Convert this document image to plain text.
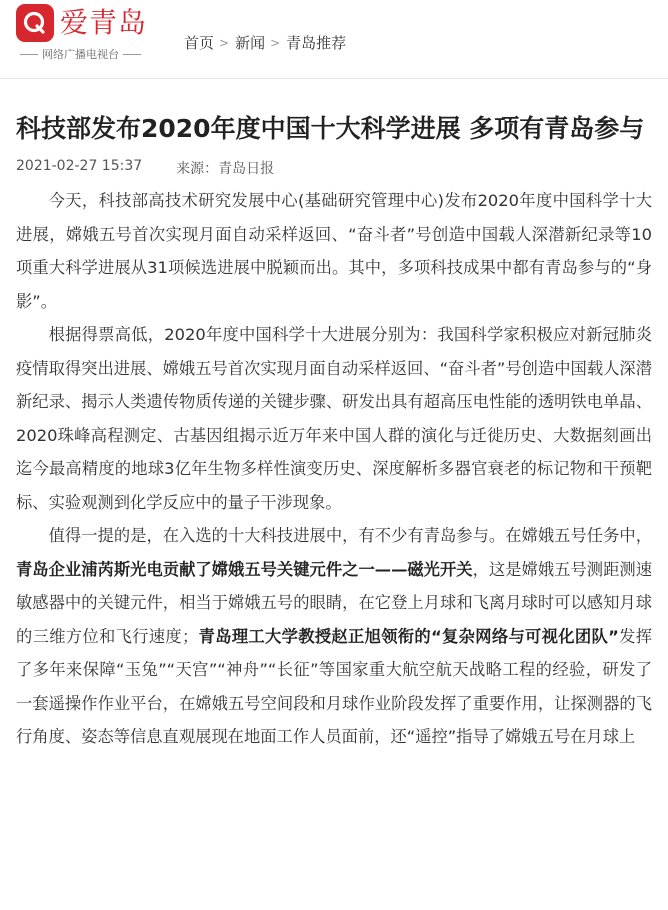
爱青岛
网络广播电视台
首页 > 新闻 > 青岛推荐
科技部发布2020年度中国十大科学进展 多项有青岛参与
2021-02-27 15:37 来源：青岛日报

今天，科技部高技术研究发展中心(基础研究管理中心)发布2020年度中国科学十大进展，嫦娥五号首次实现月面自动采样返回、“奋斗者”号创造中国载人深潜新纪录等10项重大科学进展从31项候选进展中脱颖而出。其中，多项科技成果中都有青岛参与的“身影”。

根据得票高低，2020年度中国科学十大进展分别为：我国科学家积极应对新冠肺炎疫情取得突出进展、嫦娥五号首次实现月面自动采样返回、“奋斗者”号创造中国载人深潜新纪录、揭示人类遗传物质传递的关键步骤、研发出具有超高压电性能的透明铁电单晶、2020珠峰高程测定、古基因组揭示近万年来中国人群的演化与迁徙历史、大数据刻画出迄今最高精度的地球3亿年生物多样性演变历史、深度解析多器官衰老的标记物和干预靶标、实验观测到化学反应中的量子干涉现象。

值得一提的是，在入选的十大科技进展中，有不少有青岛参与。在嫦娥五号任务中，青岛企业浦芮斯光电贡献了嫦娥五号关键元件之一——磁光开关，这是嫦娥五号测距测速敏感器中的关键元件，相当于嫦娥五号的眼睛，在它登上月球和飞离月球时可以感知月球的三维方位和飞行速度；青岛理工大学教授赵正旭领衔的“复杂网络与可视化团队”发挥了多年来保障“玉兔”“天宫”“神舟”“长征”等国家重大航空航天战略工程的经验，研发了一套遥操作作业平台，在嫦娥五号空间段和月球作业阶段发挥了重要作用，让探测器的飞行角度、姿态等信息直观展现在地面工作人员面前，还“遥控”指导了嫦娥五号在月球上
